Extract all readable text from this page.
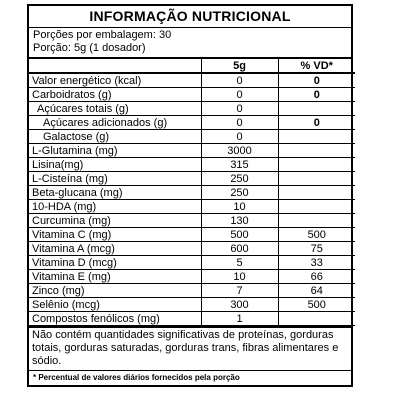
INFORMAÇÃO NUTRICIONAL
Porções por embalagem: 30
Porção: 5g (1 dosador)
	5g	% VD*
Valor energético (kcal)	0	0
Carboidratos (g)	0	0
Açúcares totais (g)	0	
Açúcares adicionados (g)	0	0
Galactose (g)	0	
L-Glutamina (mg)	3000	
Lisina(mg)	315	
L-Cisteína (mg)	250	
Beta-glucana (mg)	250	
10-HDA (mg)	10	
Curcumina (mg)	130	
Vitamina C (mg)	500	500
Vitamina A (mcg)	600	75
Vitamina D (mcg)	5	33
Vitamina E (mg)	10	66
Zinco (mg)	7	64
Selênio (mcg)	300	500
Compostos fenólicos (mg)	1	
Não contém quantidades significativas de proteínas, gorduras totais, gorduras saturadas, gorduras trans, fibras alimentares e sódio.
* Percentual de valores diários fornecidos pela porção
